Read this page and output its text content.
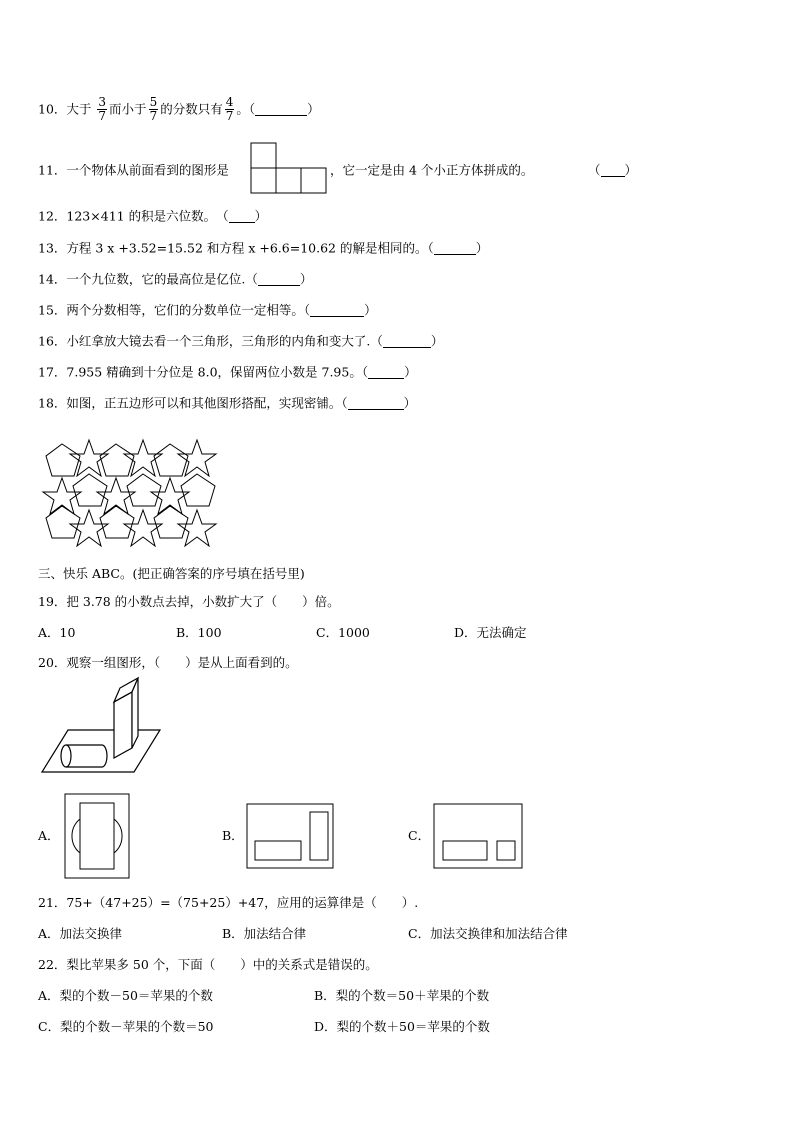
10．大于 $\frac{3}{7}$ 而小于 $\frac{5}{7}$ 的分数只有 $\frac{4}{7}$ 。（	）
11．一个物体从前面看到的图形是	，它一定是由 4 个小正方体拼成的。	（ ）
12．123×411 的积是六位数。　（ ）
13．方程 3 x +3.52=15.52 和方程 x +6.6=10.62 的解是相同的。（	）
14．一个九位数，它的最高位是亿位.（	）
15．两个分数相等，它们的分数单位一定相等。（	）
16．小红拿放大镜去看一个三角形，三角形的内角和变大了.（	）
17．7.955 精确到十分位是 8.0，保留两位小数是 7.95。（	）
18．如图，正五边形可以和其他图形搭配，实现密铺。（	）
三、快乐 ABC。(把正确答案的序号填在括号里)
19．把 3.78 的小数点去掉，小数扩大了（　　）倍。
A．10	B．100	C．1000	D．无法确定
20．观察一组图形，（　　）是从上面看到的。
A．	B．	C．
21．75+（47+25）=（75+25）+47，应用的运算律是（　　）.
A．加法交换律	B．加法结合律	C．加法交换律和加法结合律
22．梨比苹果多 50 个，下面（　　）中的关系式是错误的。
A．梨的个数－50＝苹果的个数	B．梨的个数＝50＋苹果的个数
C．梨的个数－苹果的个数＝50	D．梨的个数＋50＝苹果的个数
